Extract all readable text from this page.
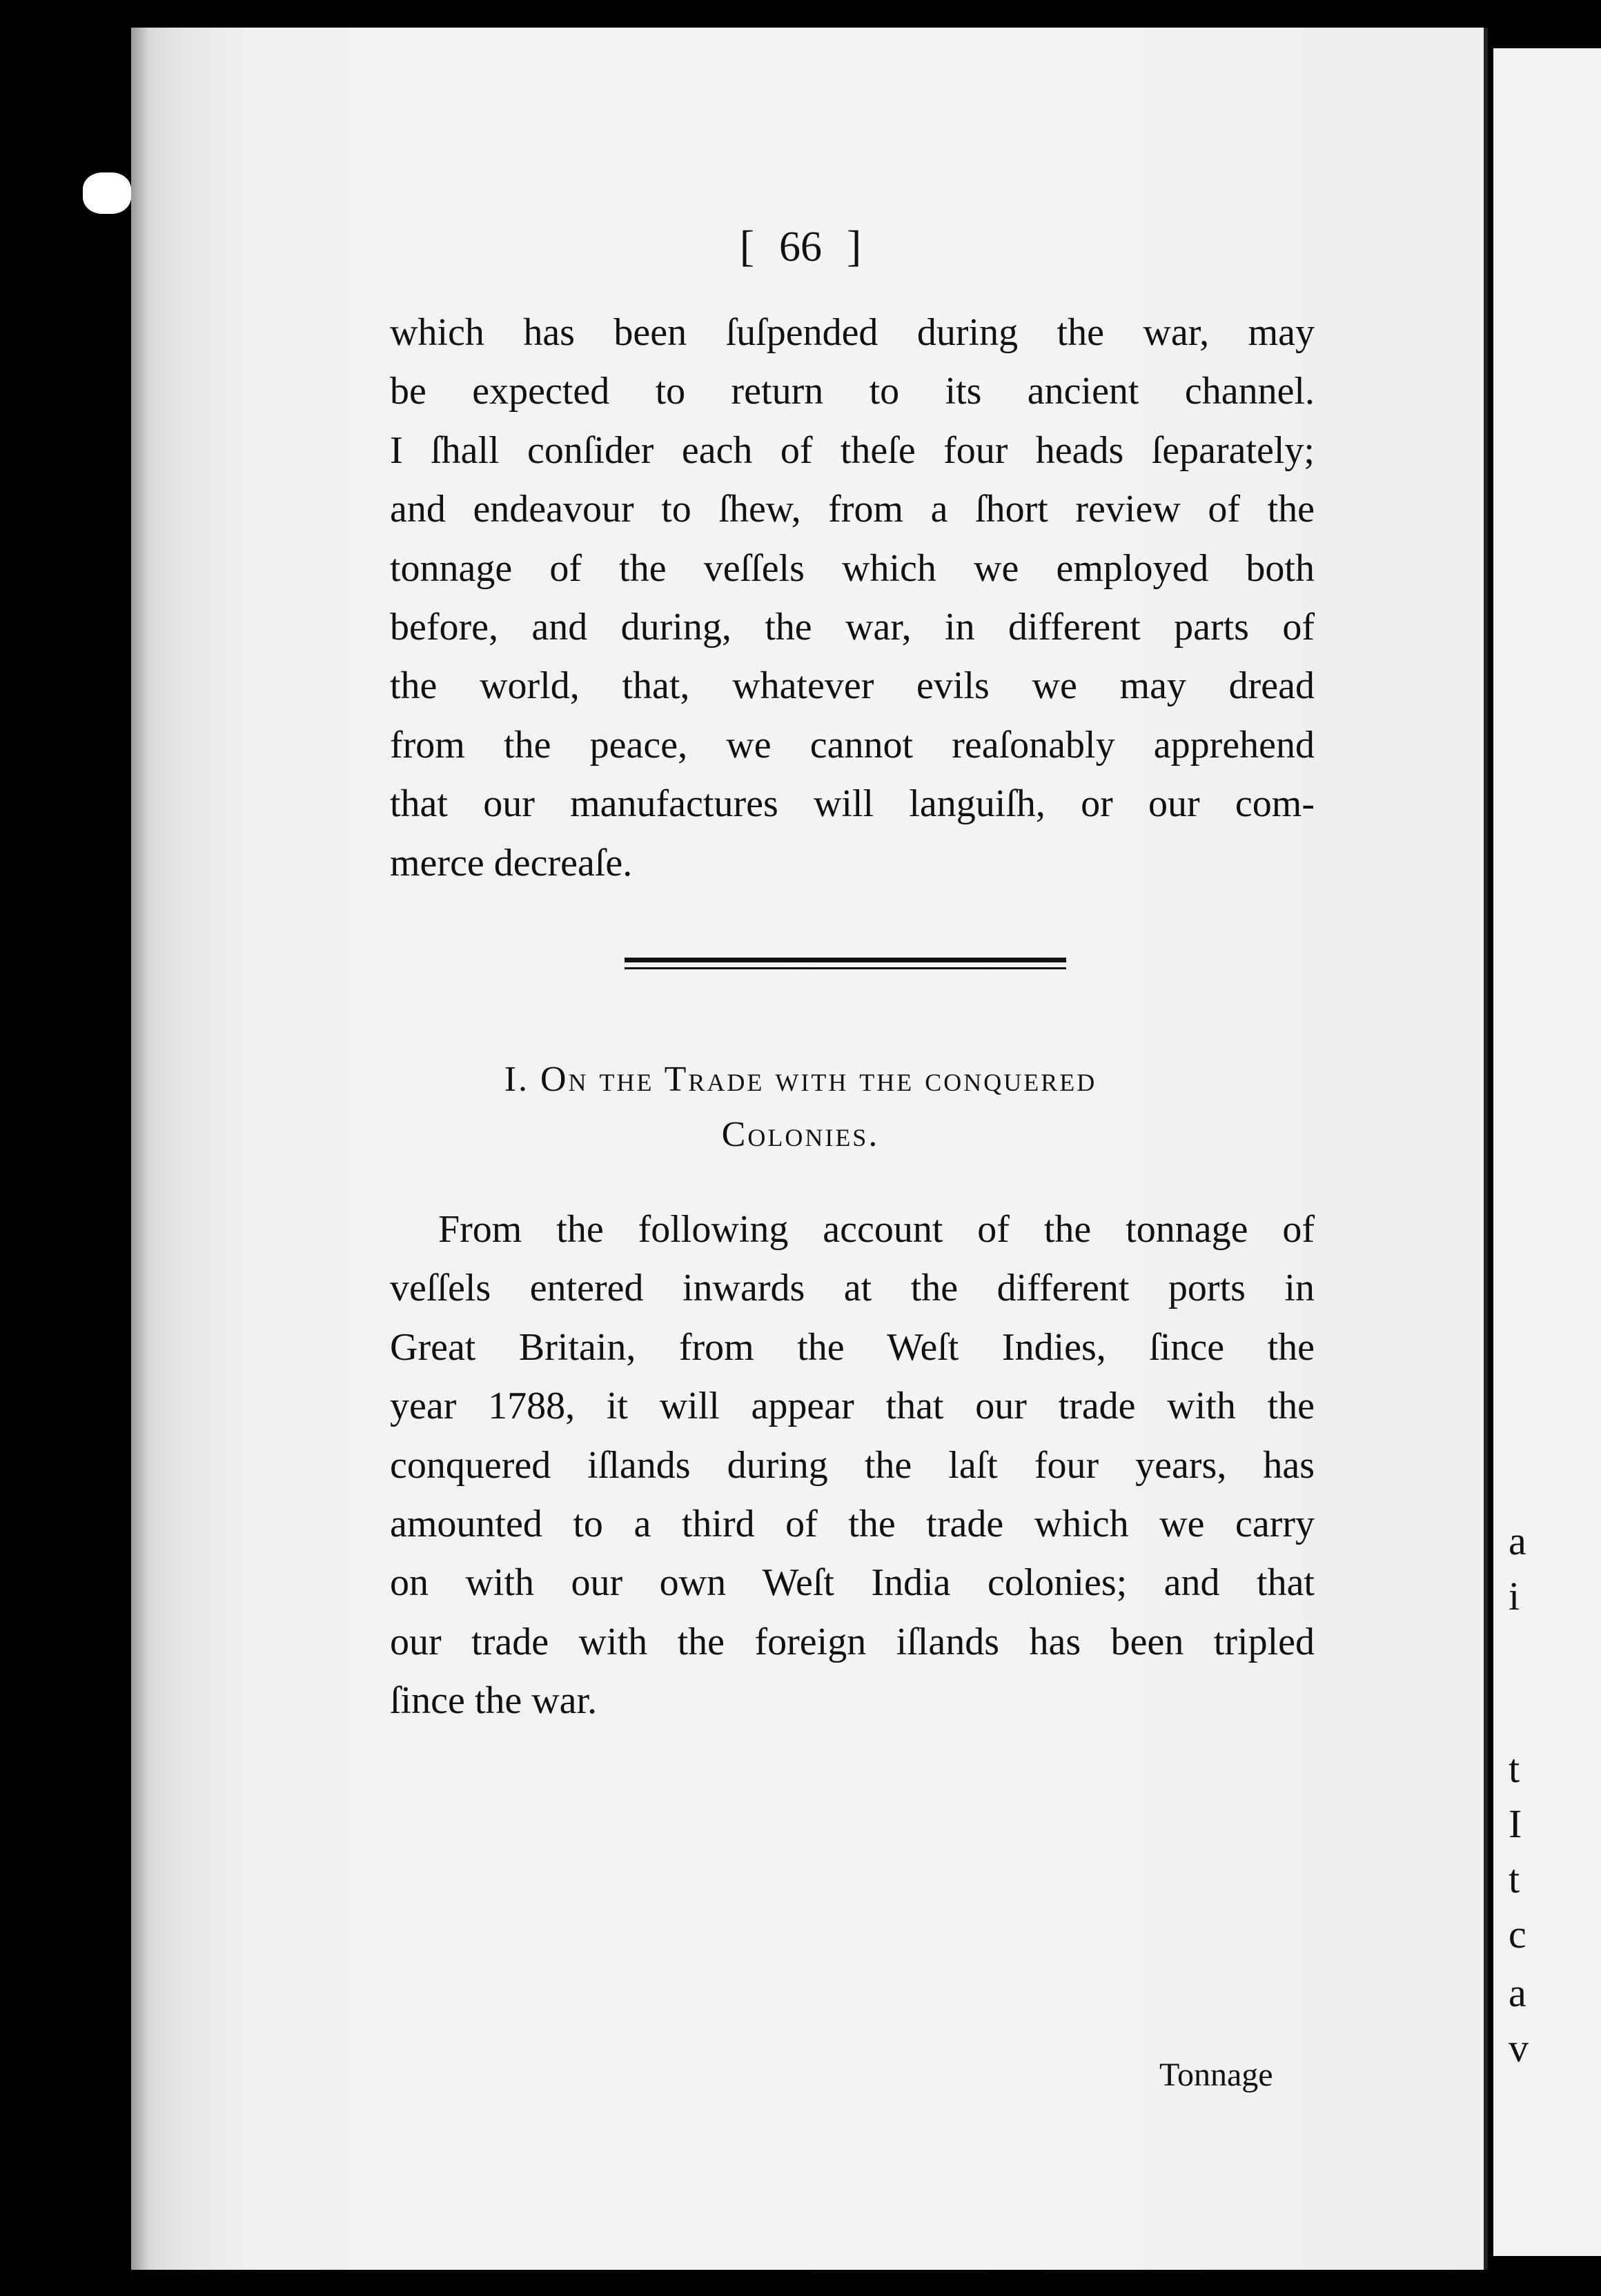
a
i
t
I
t
c
a
v

[ 66 ]
which has been ſuſpended during the war, may
be expected to return to its ancient channel.
I ſhall conſider each of theſe four heads ſeparately;
and endeavour to ſhew, from a ſhort review of the
tonnage of the veſſels which we employed both
before, and during, the war, in different parts of
the world, that, whatever evils we may dread
from the peace, we cannot reaſonably apprehend
that our manufactures will languiſh, or our com-
merce decreaſe.
I. On the Trade with the conquered
Colonies.
From the following account of the tonnage of
veſſels entered inwards at the different ports in
Great Britain, from the Weſt Indies, ſince the
year 1788, it will appear that our trade with the
conquered iſlands during the laſt four years, has
amounted to a third of the trade which we carry
on with our own Weſt India colonies; and that
our trade with the foreign iſlands has been tripled
ſince the war.
Tonnage
